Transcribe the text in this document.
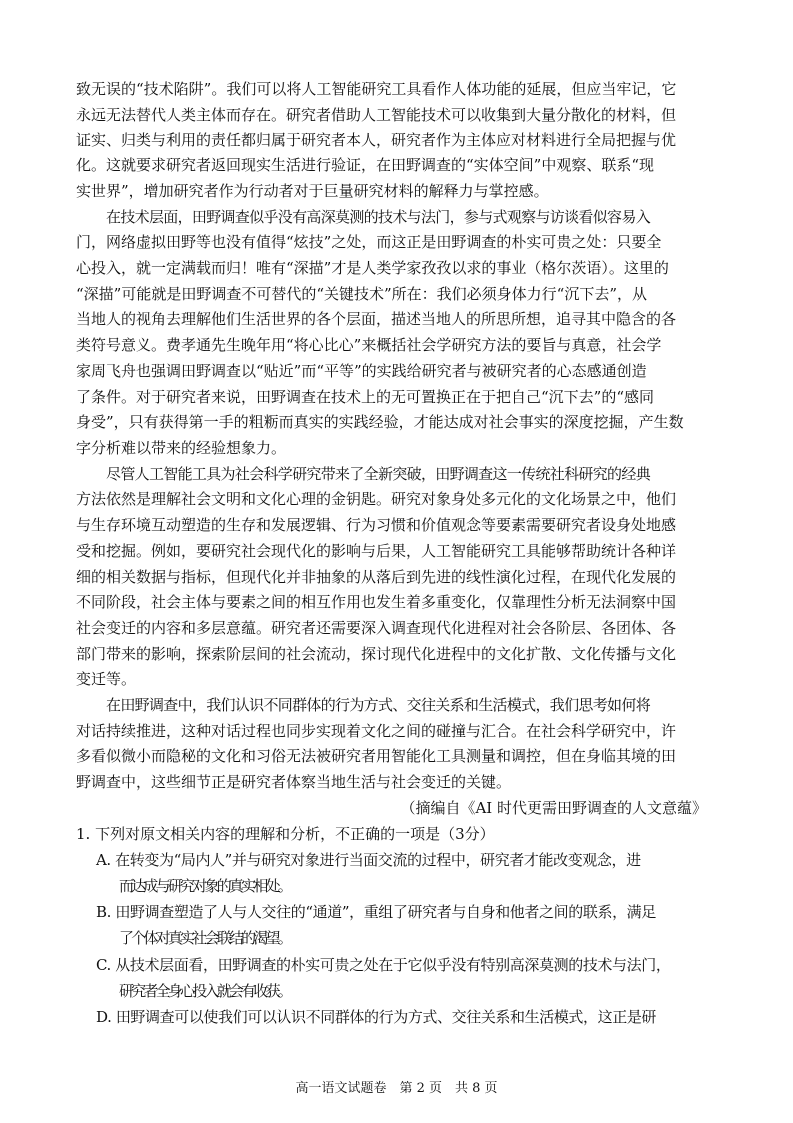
致无误的“技术陷阱”。我们可以将人工智能研究工具看作人体功能的延展，但应当牢记，它
永远无法替代人类主体而存在。研究者借助人工智能技术可以收集到大量分散化的材料，但
证实、归类与利用的责任都归属于研究者本人，研究者作为主体应对材料进行全局把握与优
化。这就要求研究者返回现实生活进行验证，在田野调查的“实体空间”中观察、联系“现
实世界”，增加研究者作为行动者对于巨量研究材料的解释力与掌控感。
在技术层面，田野调查似乎没有高深莫测的技术与法门，参与式观察与访谈看似容易入
门，网络虚拟田野等也没有值得“炫技”之处，而这正是田野调查的朴实可贵之处：只要全
心投入，就一定满载而归！唯有“深描”才是人类学家孜孜以求的事业（格尔茨语）。这里的
“深描”可能就是田野调查不可替代的“关键技术”所在：我们必须身体力行“沉下去”，从
当地人的视角去理解他们生活世界的各个层面，描述当地人的所思所想，追寻其中隐含的各
类符号意义。费孝通先生晚年用“将心比心”来概括社会学研究方法的要旨与真意，社会学
家周飞舟也强调田野调查以“贴近”而“平等”的实践给研究者与被研究者的心态感通创造
了条件。对于研究者来说，田野调查在技术上的无可置换正在于把自己“沉下去”的“感同
身受”，只有获得第一手的粗粝而真实的实践经验，才能达成对社会事实的深度挖掘，产生数
字分析难以带来的经验想象力。
尽管人工智能工具为社会科学研究带来了全新突破，田野调查这一传统社科研究的经典
方法依然是理解社会文明和文化心理的金钥匙。研究对象身处多元化的文化场景之中，他们
与生存环境互动塑造的生存和发展逻辑、行为习惯和价值观念等要素需要研究者设身处地感
受和挖掘。例如，要研究社会现代化的影响与后果，人工智能研究工具能够帮助统计各种详
细的相关数据与指标，但现代化并非抽象的从落后到先进的线性演化过程，在现代化发展的
不同阶段，社会主体与要素之间的相互作用也发生着多重变化，仅靠理性分析无法洞察中国
社会变迁的内容和多层意蕴。研究者还需要深入调查现代化进程对社会各阶层、各团体、各
部门带来的影响，探索阶层间的社会流动，探讨现代化进程中的文化扩散、文化传播与文化
变迁等。
在田野调查中，我们认识不同群体的行为方式、交往关系和生活模式，我们思考如何将
对话持续推进，这种对话过程也同步实现着文化之间的碰撞与汇合。在社会科学研究中，许
多看似微小而隐秘的文化和习俗无法被研究者用智能化工具测量和调控，但在身临其境的田
野调查中，这些细节正是研究者体察当地生活与社会变迁的关键。
（摘编自《AI 时代更需田野调查的人文意蕴》
1. 下列对原文相关内容的理解和分析，不正确的一项是（3分）
A. 在转变为“局内人”并与研究对象进行当面交流的过程中，研究者才能改变观念，进
而达成与研究对象的真实相处。
B. 田野调查塑造了人与人交往的“通道”，重组了研究者与自身和他者之间的联系，满足
了个体对真实社会联结的渴望。
C. 从技术层面看，田野调查的朴实可贵之处在于它似乎没有特别高深莫测的技术与法门，
研究者全身心投入就会有收获。
D. 田野调查可以使我们可以认识不同群体的行为方式、交往关系和生活模式，这正是研
高一语文试题卷　第 2 页　共 8 页
